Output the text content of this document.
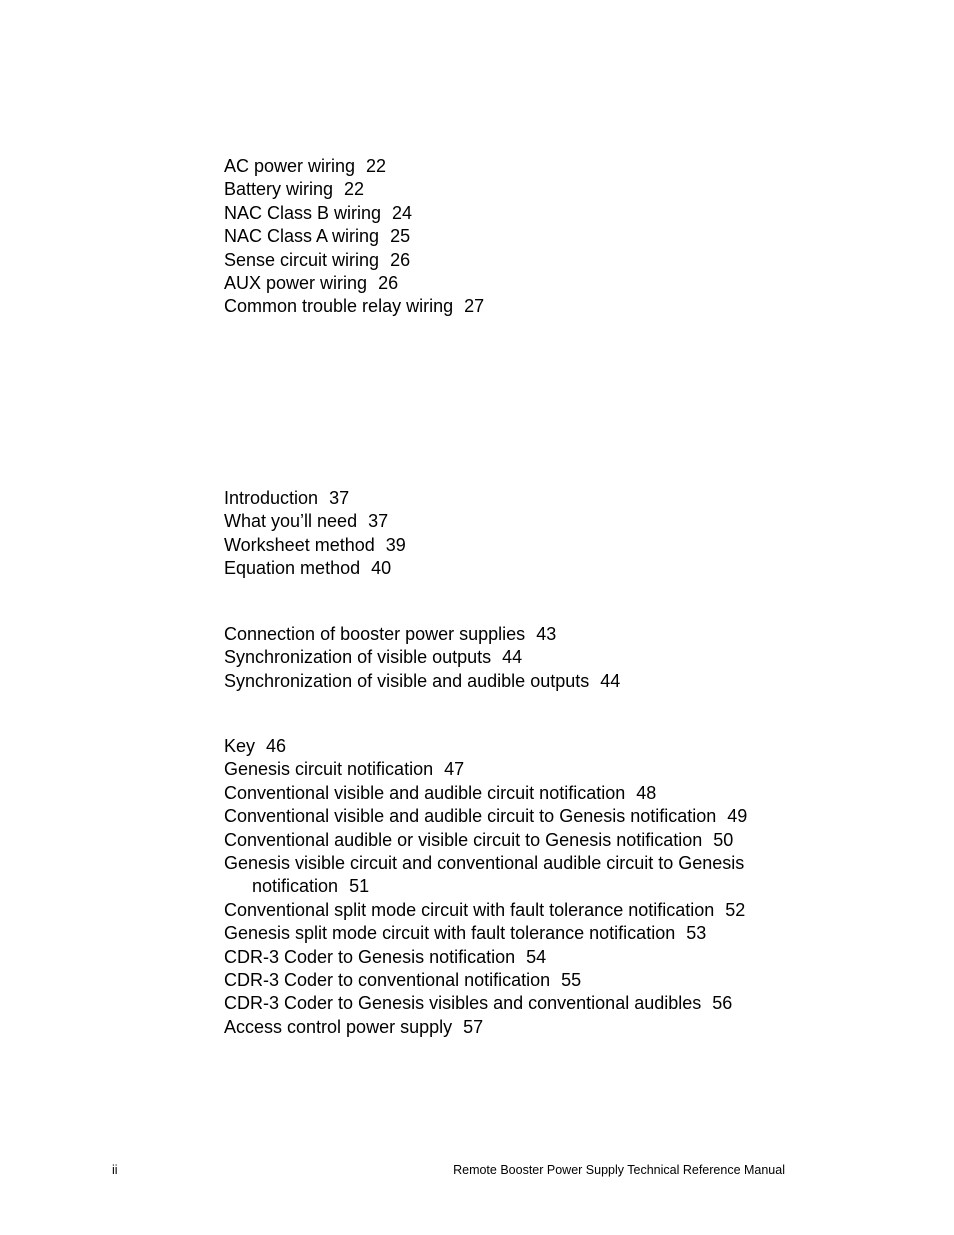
AC power wiring 22
Battery wiring 22
NAC Class B wiring 24
NAC Class A wiring 25
Sense circuit wiring 26
AUX power wiring 26
Common trouble relay wiring 27
Introduction 37
What you’ll need 37
Worksheet method 39
Equation method 40
Connection of booster power supplies 43
Synchronization of visible outputs 44
Synchronization of visible and audible outputs 44
Key 46
Genesis circuit notification 47
Conventional visible and audible circuit notification 48
Conventional visible and audible circuit to Genesis notification 49
Conventional audible or visible circuit to Genesis notification 50
Genesis visible circuit and conventional audible circuit to Genesis notification 51
Conventional split mode circuit with fault tolerance notification 52
Genesis split mode circuit with fault tolerance notification 53
CDR-3 Coder to Genesis notification 54
CDR-3 Coder to conventional notification 55
CDR-3 Coder to Genesis visibles and conventional audibles 56
Access control power supply 57
ii	Remote Booster Power Supply Technical Reference Manual
